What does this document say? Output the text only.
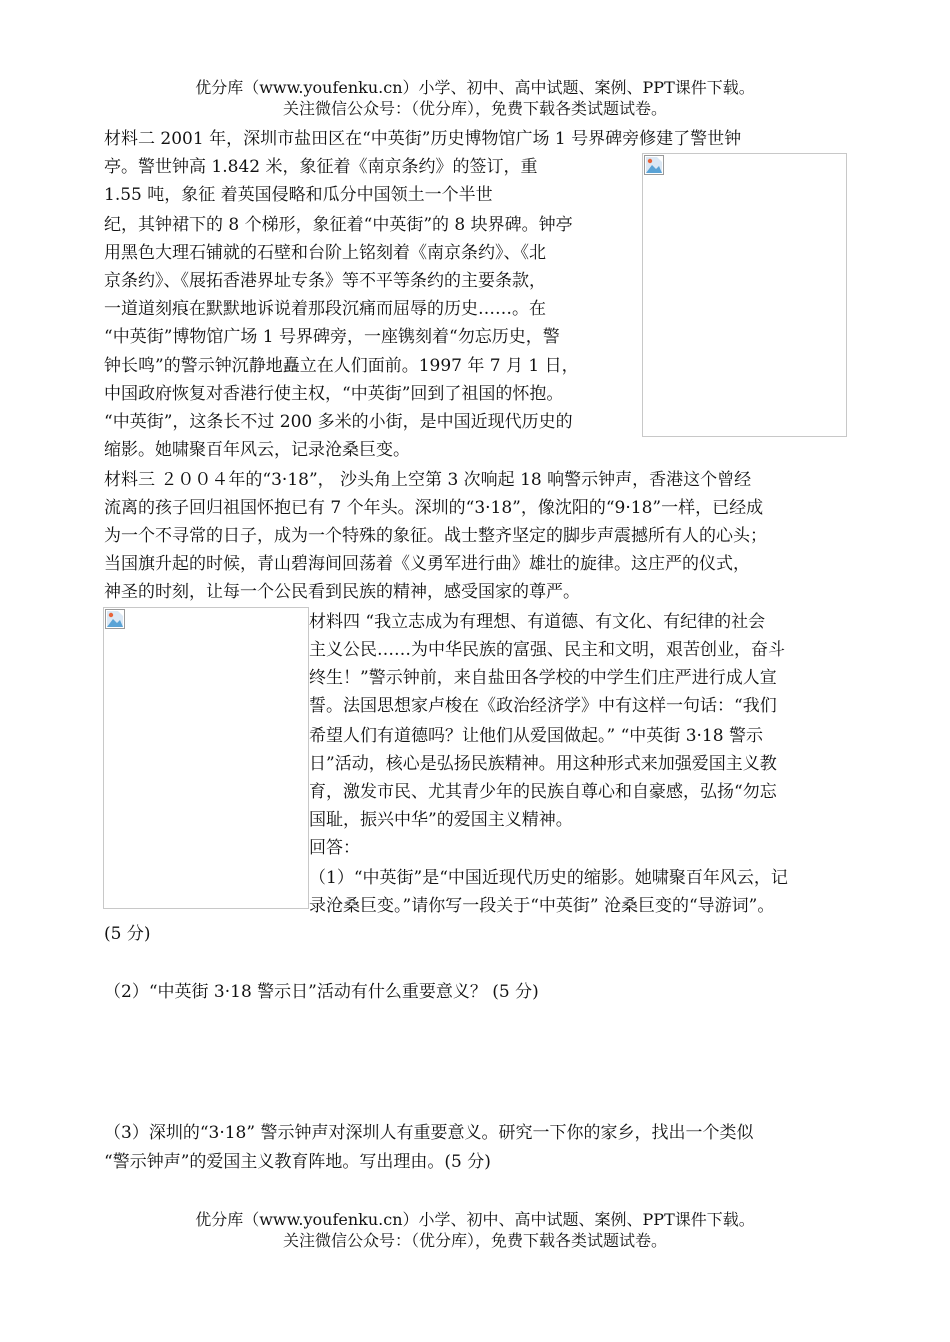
优分库（www.youfenku.cn）小学、初中、高中试题、案例、PPT课件下载。
关注微信公众号：（优分库），免费下载各类试题试卷。
材料二 2001 年，深圳市盐田区在“中英街”历史博物馆广场 1 号界碑旁修建了警世钟
亭。警世钟高 1.842 米，象征着《南京条约》的签订，重
1.55 吨，象征 着英国侵略和瓜分中国领土一个半世
纪，其钟裙下的 8 个梯形，象征着“中英街”的 8 块界碑。钟亭
用黑色大理石铺就的石壁和台阶上铭刻着《南京条约》、《北
京条约》、《展拓香港界址专条》等不平等条约的主要条款，
一道道刻痕在默默地诉说着那段沉痛而屈辱的历史……。在
“中英街”博物馆广场 1 号界碑旁，一座镌刻着“勿忘历史，警
钟长鸣”的警示钟沉静地矗立在人们面前。1997 年 7 月 1 日，
中国政府恢复对香港行使主权，“中英街”回到了祖国的怀抱。
“中英街”，这条长不过 200 多米的小街，是中国近现代历史的
缩影。她啸聚百年风云，记录沧桑巨变。
材料三 ２００４年的“3·18”， 沙头角上空第 3 次响起 18 响警示钟声，香港这个曾经
流离的孩子回归祖国怀抱已有 7 个年头。深圳的“3·18”，像沈阳的“9·18”一样，已经成
为一个不寻常的日子，成为一个特殊的象征。战士整齐坚定的脚步声震撼所有人的心头；
当国旗升起的时候，青山碧海间回荡着《义勇军进行曲》雄壮的旋律。这庄严的仪式，
神圣的时刻，让每一个公民看到民族的精神，感受国家的尊严。
材料四 “我立志成为有理想、有道德、有文化、有纪律的社会
主义公民……为中华民族的富强、民主和文明，艰苦创业，奋斗
终生！”警示钟前，来自盐田各学校的中学生们庄严进行成人宣
誓。法国思想家卢梭在《政治经济学》中有这样一句话：“我们
希望人们有道德吗？让他们从爱国做起。” “中英街 3·18 警示
日”活动，核心是弘扬民族精神。用这种形式来加强爱国主义教
育，激发市民、尤其青少年的民族自尊心和自豪感，弘扬“勿忘
国耻，振兴中华”的爱国主义精神。
回答：
（1）“中英街”是“中国近现代历史的缩影。她啸聚百年风云，记
录沧桑巨变。”请你写一段关于“中英街” 沧桑巨变的“导游词”。
(5 分)
（2）“中英街 3·18 警示日”活动有什么重要意义？ (5 分)
（3）深圳的“3·18” 警示钟声对深圳人有重要意义。研究一下你的家乡，找出一个类似
“警示钟声”的爱国主义教育阵地。写出理由。(5 分)
优分库（www.youfenku.cn）小学、初中、高中试题、案例、PPT课件下载。
关注微信公众号：（优分库），免费下载各类试题试卷。
